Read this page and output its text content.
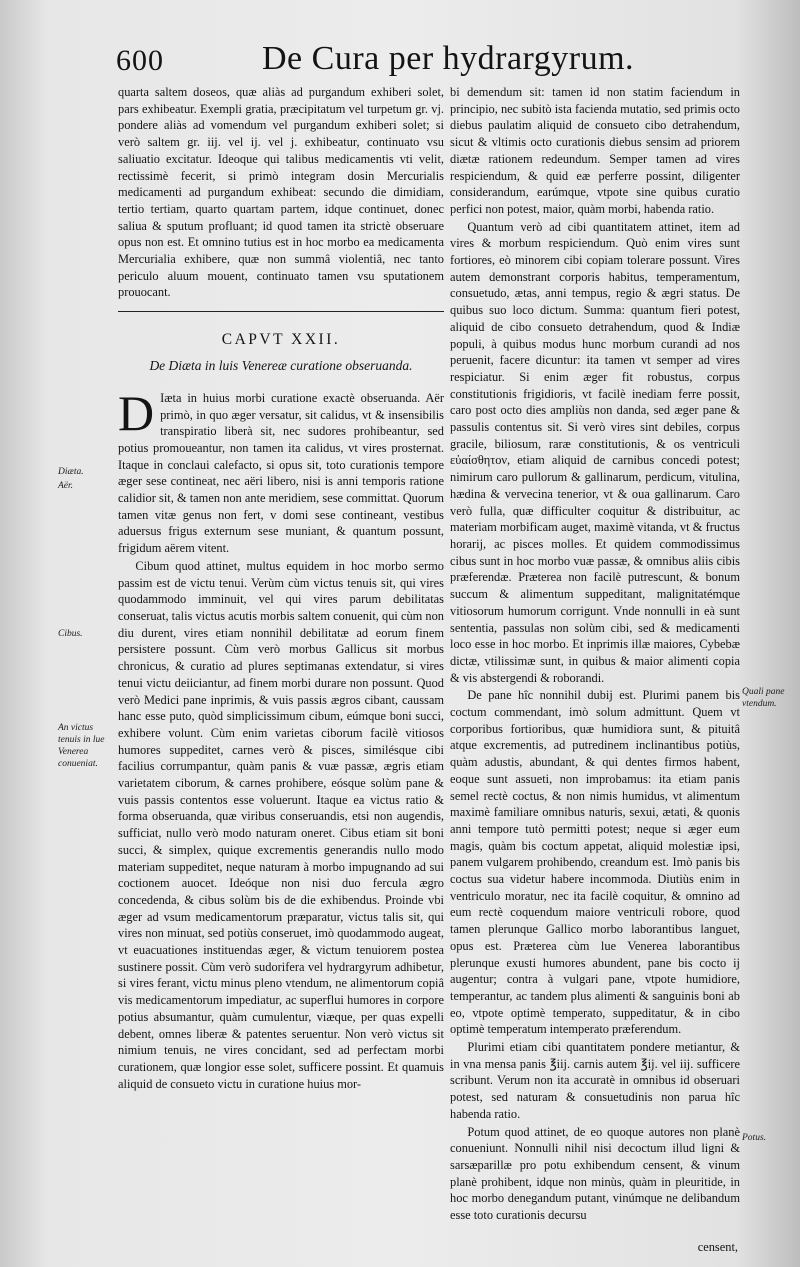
600	De Cura per hydrargyrum.
Diæta.
Aër.
Cibus.
An victus tenuis in lue Venerea conueniat.
Quali pane vtendum.
Potus.

quarta saltem doseos, quæ aliàs ad purgandum exhiberi solet, pars exhibeatur. Exempli gratia, præcipitatum vel turpetum gr. vj. pondere aliàs ad vomendum vel purgandum exhiberi solet; si verò saltem gr. iij. vel ij. vel j. exhibeatur, continuato vsu saliuatio excitatur. Ideoque qui talibus medicamentis vti velit, rectissimè fecerit, si primò integram dosin Mercurialis medicamenti ad purgandum exhibeat: secundo die dimidiam, tertio tertiam, quarto quartam partem, idque continuet, donec saliua & sputum profluant; id quod tamen ita strictè obseruare opus non est. Et omnino tutius est in hoc morbo ea medicamenta Mercurialia exhibere, quæ non summâ violentiâ, nec tanto periculo aluum mouent, continuato tamen vsu sputationem prouocant.

CAPVT XXII.
De Diæta in luis Venereæ curatione obseruanda.

D Iæta in huius morbi curatione exactè obseruanda. Aër primò, in quo æger versatur, sit calidus, vt & insensibilis transpiratio liberà sit, nec sudores prohibeantur, sed potius promoueantur, non tamen ita calidus, vt vires prosternat. Itaque in conclaui calefacto, si opus sit, toto curationis tempore æger sese contineat, nec aëri libero, nisi is anni temporis ratione calidior sit, & tamen non ante meridiem, sese committat. Quorum tamen vitæ genus non fert, v domi sese contineant, vestibus aduersus frigus externum sese muniant, & quantum possunt, frigidum aërem vitent.

Cibum quod attinet, multus equidem in hoc morbo sermo passim est de victu tenui. Verùm cùm victus tenuis sit, qui vires quodammodo imminuit, vel qui vires parum debilitatas conseruat, talis victus acutis morbis saltem conuenit, qui cùm non diu durent, vires etiam nonnihil debilitatæ ad eorum finem persistere possunt. Cùm verò morbus Gallicus sit morbus chronicus, & curatio ad plures septimanas extendatur, si vires tenui victu deiiciantur, ad finem morbi durare non possunt. Quod verò Medici pane inprimis, & vuis passis ægros cibant, caussam hanc esse puto, quòd simplicissimum cibum, eúmque boni succi, exhibere volunt. Cùm enim varietas ciborum facilè vitiosos humores suppeditet, carnes verò & pisces, similésque cibi facilius corrumpantur, quàm panis & vuæ passæ, ægris etiam varietatem ciborum, & carnes prohibere, eósque solùm pane & vuis passis contentos esse voluerunt. Itaque ea victus ratio & forma obseruanda, quæ viribus conseruandis, etsi non augendis, sufficiat, nullo verò modo naturam oneret. Cibus etiam sit boni succi, & simplex, quique excrementis generandis nullo modo materiam suppeditet, neque naturam à morbo impugnando ad sui coctionem auocet. Ideóque non nisi duo fercula ægro concedenda, & cibus solùm bis de die exhibendus. Proinde vbi æger ad vsum medicamentorum præparatur, victus talis sit, qui vires non minuat, sed potiùs conseruet, imò quodammodo augeat, vt euacuationes instituendas æger, & victum tenuiorem postea sustinere possit. Cùm verò sudorifera vel hydrargyrum adhibetur, si vires ferant, victu minus pleno vtendum, ne alimentorum copiâ vis medicamentorum impediatur, ac superflui humores in corpore potius absumantur, quàm cumulentur, viæque, per quas expelli debent, omnes liberæ & patentes seruentur. Non verò victus sit nimium tenuis, ne vires concidant, sed ad perfectam morbi curationem, quæ longior esse solet, sufficere possint. Et quamuis aliquid de consueto victu in curatione huius mor-

bi demendum sit: tamen id non statim faciendum in principio, nec subitò ista facienda mutatio, sed primis octo diebus paulatim aliquid de consueto cibo detrahendum, sicut & vltimis octo curationis diebus sensim ad priorem diætæ rationem redeundum. Semper tamen ad vires respiciendum, & quid eæ perferre possint, diligenter considerandum, earúmque, vtpote sine quibus curatio perfici non potest, maior, quàm morbi, habenda ratio.

Quantum verò ad cibi quantitatem attinet, item ad vires & morbum respiciendum. Quò enim vires sunt fortiores, eò minorem cibi copiam tolerare possunt. Vires autem demonstrant corporis habitus, temperamentum, consuetudo, ætas, anni tempus, regio & ægri status. De quibus suo loco dictum. Summa: quantum fieri potest, aliquid de cibo consueto detrahendum, quod & Indiæ populi, à quibus modus hunc morbum curandi ad nos peruenit, facere dicuntur: ita tamen vt semper ad vires respiciatur. Si enim æger fit robustus, corpus constitutionis frigidioris, vt facilè inediam ferre possit, caro post octo dies ampliùs non danda, sed æger pane & passulis contentus sit. Si verò vires sint debiles, corpus gracile, biliosum, raræ constitutionis, & os ventriculi εὐαίσθητον, etiam aliquid de carnibus concedi potest; nimirum caro pullorum & gallinarum, perdicum, vitulina, hædina & vervecina tenerior, vt & oua gallinarum. Caro verò fulla, quæ difficulter coquitur & distribuitur, ac materiam morbificam auget, maximè vitanda, vt & fructus horarij, ac pisces molles. Et quidem commodissimus cibus sunt in hoc morbo vuæ passæ, & omnibus aliis cibis præferendæ. Præterea non facilè putrescunt, & bonum succum & alimentum suppeditant, malignitatémque vitiosorum humorum corrigunt. Vnde nonnulli in eà sunt sententia, passulas non solùm cibi, sed & medicamenti loco esse in hoc morbo. Et inprimis illæ maiores, Cybebæ dictæ, vtilissimæ sunt, in quibus & maior alimenti copia & vis abstergendi & roborandi.

De pane hîc nonnihil dubij est. Plurimi panem bis coctum commendant, imò solum admittunt. Quem vt corporibus fortioribus, quæ humidiora sunt, & pituitâ atque excrementis, ad putredinem inclinantibus potiùs, quàm adustis, abundant, & qui dentes firmos habent, eoque sunt assueti, non improbamus: ita etiam panis semel rectè coctus, & non nimis humidus, vt alimentum maximè familiare omnibus naturis, sexui, ætati, & quonis anni tempore tutò permitti potest; neque si æger eum magis, quàm bis coctum appetat, aliquid molestiæ ipsi, panem vulgarem prohibendo, creandum est. Imò panis bis coctus sua videtur habere incommoda. Diutiùs enim in ventriculo moratur, nec ita facilè coquitur, & omnino ad eum rectè coquendum maiore ventriculi robore, quod tamen plerunque Gallico morbo laborantibus languet, opus est. Præterea cùm lue Venerea laborantibus plerunque exusti humores abundent, pane bis cocto ij augentur; contra à vulgari pane, vtpote humidiore, temperantur, ac tandem plus alimenti & sanguinis boni ab eo, vtpote optimè temperato, suppeditatur, & in cibo optimè temperatum intemperato præferendum.

Plurimi etiam cibi quantitatem pondere metiantur, & in vna mensa panis ℥iij. carnis autem ℥ij. vel iij. sufficere scribunt. Verum non ita accuratè in omnibus id obseruari potest, sed naturam & consuetudinis non parua hîc habenda ratio.

Potum quod attinet, de eo quoque autores non planè conueniunt. Nonnulli nihil nisi decoctum illud ligni & sarsæparillæ pro potu exhibendum censent, & vinum planè prohibent, idque non minùs, quàm in pleuritide, in hoc morbo denegandum putant, vinúmque ne delibandum esse toto curationis decursu

censent,
